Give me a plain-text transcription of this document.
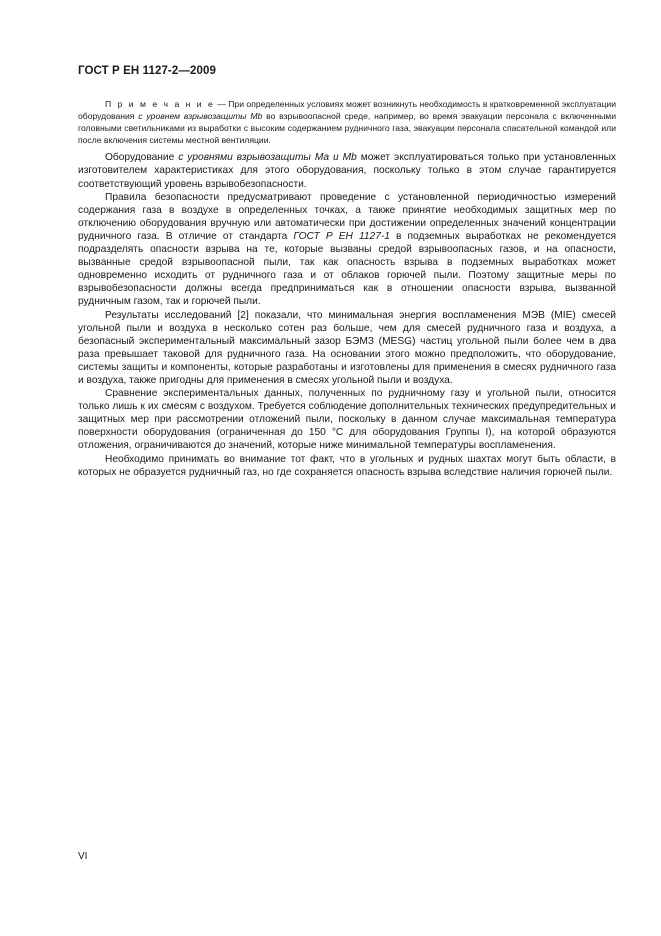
ГОСТ Р ЕН 1127-2—2009

П р и м е ч а н и е — При определенных условиях может возникнуть необходимость в кратковременной эксплуатации оборудования с уровнем взрывозащиты Mb во взрывоопасной среде, например, во время эвакуации персонала с включенными головными светильниками из выработки с высоким содержанием рудничного газа, эвакуации персонала спасательной командой или после включения системы местной вентиляции.

Оборудование с уровнями взрывозащиты Ma и Mb может эксплуатироваться только при установленных изготовителем характеристиках для этого оборудования, поскольку только в этом случае гарантируется соответствующий уровень взрывобезопасности.

Правила безопасности предусматривают проведение с установленной периодичностью измерений содержания газа в воздухе в определенных точках, а также принятие необходимых защитных мер по отключению оборудования вручную или автоматически при достижении определенных значений концентрации рудничного газа. В отличие от стандарта ГОСТ Р ЕН 1127-1 в подземных выработках не рекомендуется подразделять опасности взрыва на те, которые вызваны средой взрывоопасных газов, и на опасности, вызванные средой взрывоопасной пыли, так как опасность взрыва в подземных выработках может одновременно исходить от рудничного газа и от облаков горючей пыли. Поэтому защитные меры по взрывобезопасности должны всегда предприниматься как в отношении опасности взрыва, вызванной рудничным газом, так и горючей пыли.

Результаты исследований [2] показали, что минимальная энергия воспламенения МЭВ (MIE) смесей угольной пыли и воздуха в несколько сотен раз больше, чем для смесей рудничного газа и воздуха, а безопасный экспериментальный максимальный зазор БЭМЗ (MESG) частиц угольной пыли более чем в два раза превышает таковой для рудничного газа. На основании этого можно предположить, что оборудование, системы защиты и компоненты, которые разработаны и изготовлены для применения в смесях рудничного газа и воздуха, также пригодны для применения в смесях угольной пыли и воздуха.

Сравнение экспериментальных данных, полученных по рудничному газу и угольной пыли, относится только лишь к их смесям с воздухом. Требуется соблюдение дополнительных технических предупредительных и защитных мер при рассмотрении отложений пыли, поскольку в данном случае максимальная температура поверхности оборудования (ограниченная до 150 °С для оборудования Группы I), на которой образуются отложения, ограничиваются до значений, которые ниже минимальной температуры воспламенения.

Необходимо принимать во внимание тот факт, что в угольных и рудных шахтах могут быть области, в которых не образуется рудничный газ, но где сохраняется опасность взрыва вследствие наличия горючей пыли.

VI
